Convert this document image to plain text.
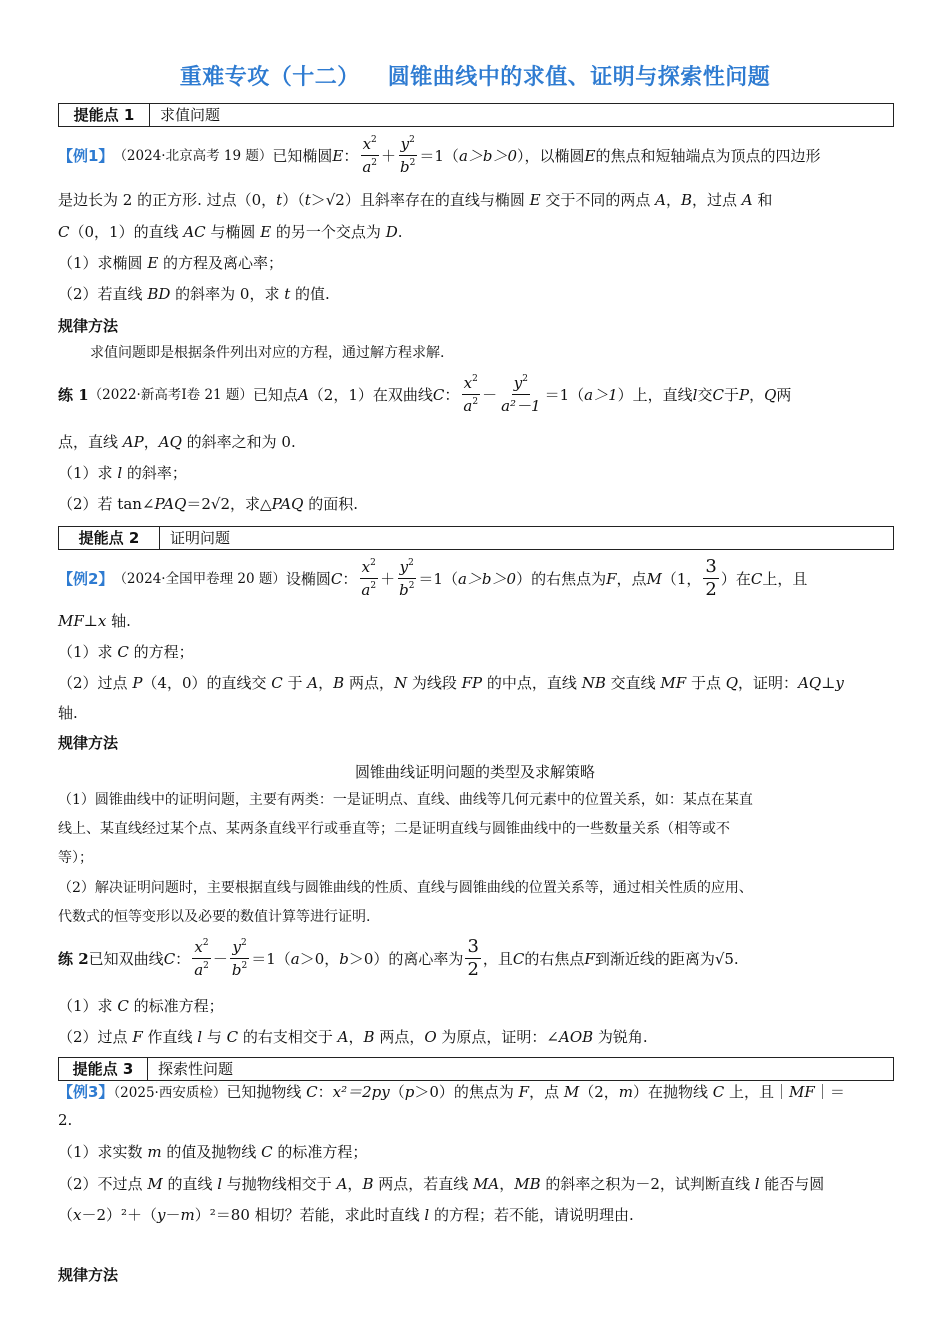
重难专攻（十二） 圆锥曲线中的求值、证明与探索性问题
提能点 1	求值问题
【例1】 （2024·北京高考 19 题） 已知椭圆 E ： $\frac{x^2}{a^2} + \frac{y^2}{b^2} =1$（ a＞b＞0 ），以椭圆 E 的焦点和短轴端点为顶点的四边形
是边长为 2 的正方形. 过点（0，t）（t＞√2）且斜率存在的直线与椭圆 E 交于不同的两点 A，B，过点 A 和
C（0，1）的直线 AC 与椭圆 E 的另一个交点为 D.
（1）求椭圆 E 的方程及离心率；
（2）若直线 BD 的斜率为 0，求 t 的值.
规律方法
求值问题即是根据条件列出对应的方程，通过解方程求解.
练 1 （2022·新高考Ⅰ卷 21 题） 已知点 A （2，1）在双曲线 C ： $\frac{x^2}{a^2} - \frac{y^2}{\text{a²－1}} =1$（ a＞1 ）上，直线 l 交 C 于 P ， Q 两
点，直线 AP，AQ 的斜率之和为 0.
（1）求 l 的斜率；
（2）若 tan∠PAQ＝2√2，求△PAQ 的面积.
提能点 2	证明问题
【例2】 （2024·全国甲卷理 20 题） 设椭圆 C ： $\frac{x^2}{a^2} + \frac{y^2}{b^2} =1$（ a＞b＞0 ）的右焦点为 F ，点 M （1， $\frac{3}{2}$ ）在 C 上，且
MF⊥x 轴.
（1）求 C 的方程；
（2）过点 P（4，0）的直线交 C 于 A，B 两点，N 为线段 FP 的中点，直线 NB 交直线 MF 于点 Q，证明：AQ⊥y
轴.
规律方法
圆锥曲线证明问题的类型及求解策略
（1）圆锥曲线中的证明问题，主要有两类：一是证明点、直线、曲线等几何元素中的位置关系，如：某点在某直
线上、某直线经过某个点、某两条直线平行或垂直等；二是证明直线与圆锥曲线中的一些数量关系（相等或不
等）；
（2）解决证明问题时，主要根据直线与圆锥曲线的性质、直线与圆锥曲线的位置关系等，通过相关性质的应用、
代数式的恒等变形以及必要的数值计算等进行证明.
练 2 已知双曲线 C ： $\frac{x^2}{a^2} - \frac{y^2}{b^2} =1$（ a ＞0， b ＞0）的离心率为 $\frac{3}{2}$ ，且 C 的右焦点 F 到渐近线的距离为√5.
（1）求 C 的标准方程；
（2）过点 F 作直线 l 与 C 的右支相交于 A，B 两点，O 为原点，证明：∠AOB 为锐角.
提能点 3	探索性问题
【例3】（2025·西安质检）已知抛物线 C：x²＝2py（p＞0）的焦点为 F，点 M（2，m）在抛物线 C 上，且｜MF｜＝
2.
（1）求实数 m 的值及抛物线 C 的标准方程；
（2）不过点 M 的直线 l 与抛物线相交于 A，B 两点，若直线 MA，MB 的斜率之积为－2，试判断直线 l 能否与圆
（x－2）²＋（y－m）²＝80 相切？若能，求此时直线 l 的方程；若不能，请说明理由.
规律方法
